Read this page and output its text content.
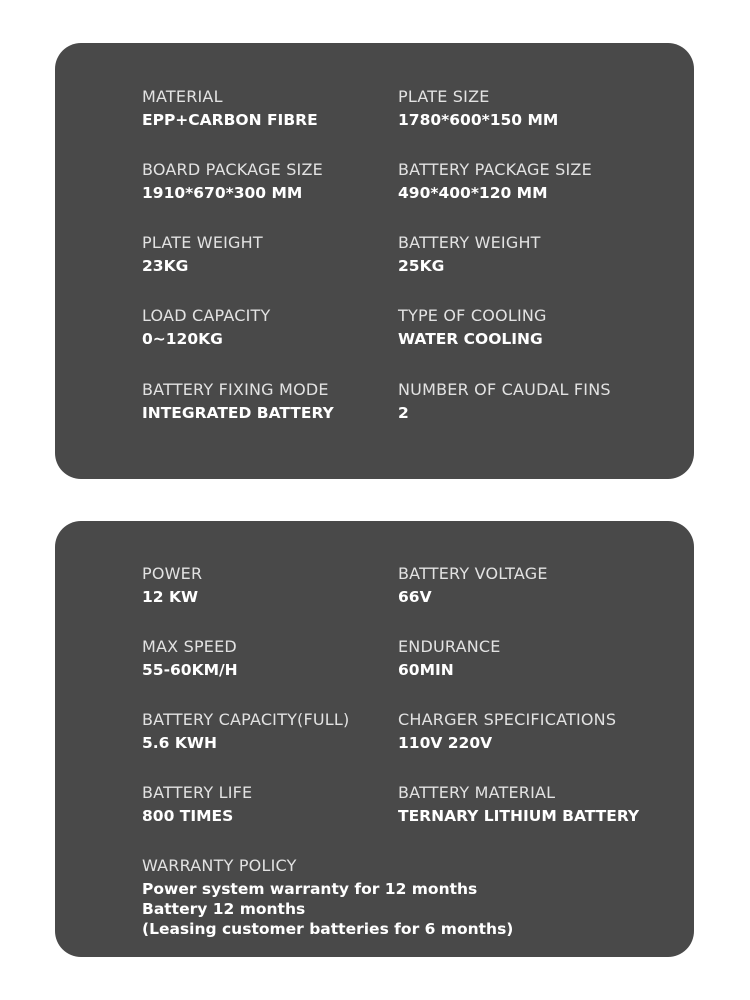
MATERIAL
EPP+CARBON FIBRE
PLATE SIZE
1780*600*150 MM
BOARD PACKAGE SIZE
1910*670*300 MM
BATTERY PACKAGE SIZE
490*400*120 MM
PLATE WEIGHT
23KG
BATTERY WEIGHT
25KG
LOAD CAPACITY
0~120KG
TYPE OF COOLING
WATER COOLING
BATTERY FIXING MODE
INTEGRATED BATTERY
NUMBER OF CAUDAL FINS
2
POWER
12 KW
BATTERY VOLTAGE
66V
MAX SPEED
55-60KM/H
ENDURANCE
60MIN
BATTERY CAPACITY(FULL)
5.6 KWH
CHARGER SPECIFICATIONS
110V 220V
BATTERY LIFE
800 TIMES
BATTERY MATERIAL
TERNARY LITHIUM BATTERY
WARRANTY POLICY
Power system warranty for 12 months
Battery 12 months
(Leasing customer batteries for 6 months)
